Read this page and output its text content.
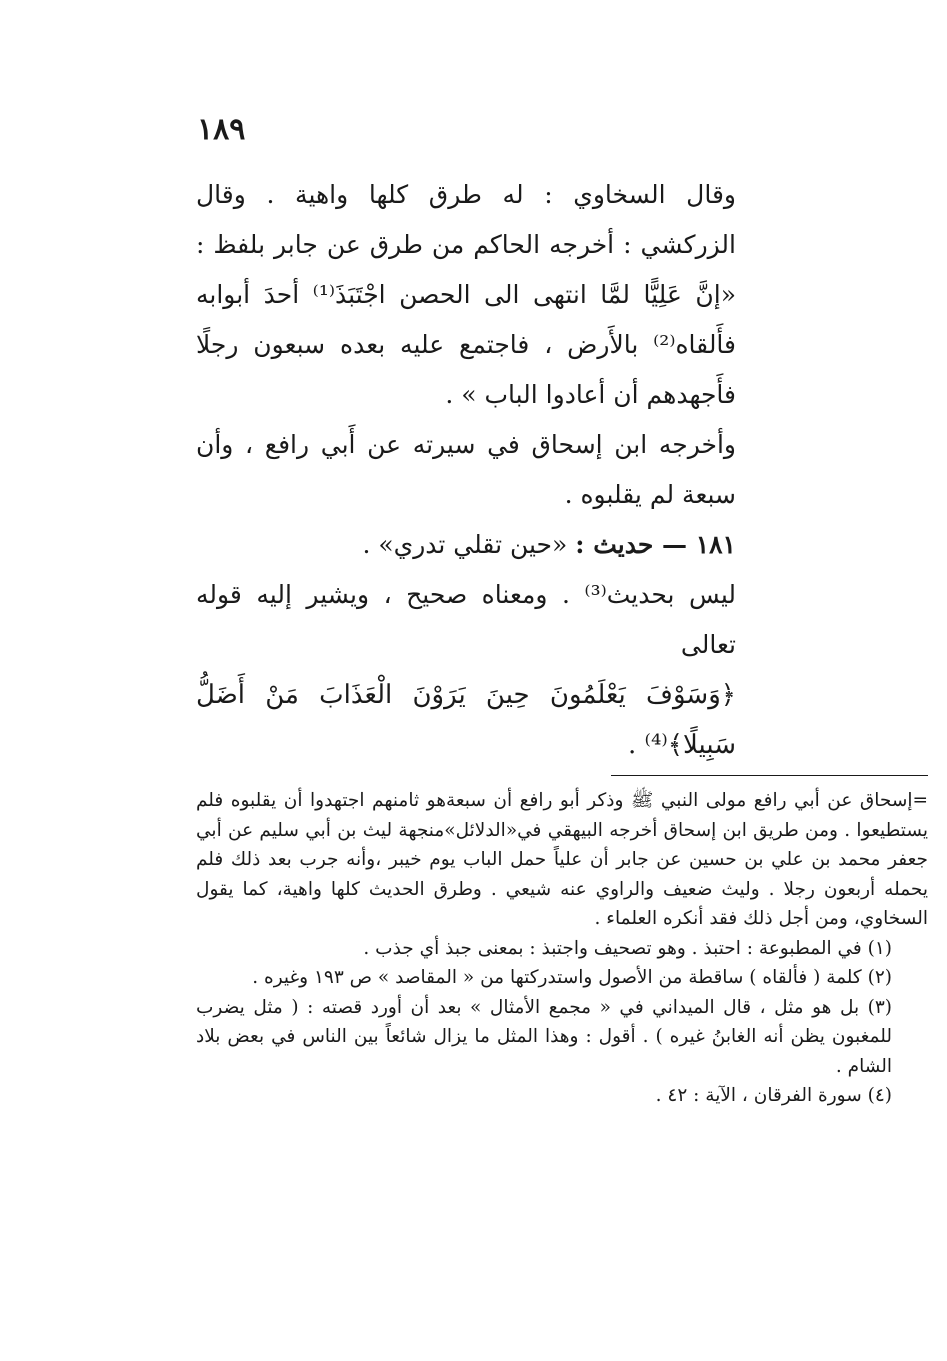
١٨٩

وقال السخاوي : له طرق كلها واهية . وقال الزركشي : أخرجه الحاكم من طرق عن جابر بلفظ : «إنَّ عَلِيًّا لمَّا انتهى الى الحصن اجْتَبَذَ⁽¹⁾ أحدَ أبوابه فأَلقاه⁽²⁾ بالأَرض ، فاجتمع عليه بعده سبعون رجلًا فأَجهدهم أن أعادوا الباب » .

وأخرجه ابن إسحاق في سيرته عن أَبي رافع ، وأن سبعة لم يقلبوه .

١٨١ — حديث : «حين تقلي تدري» .

ليس بحديث⁽³⁾ . ومعناه صحيح ، ويشير إليه قوله تعالى

﴿وَسَوْفَ يَعْلَمُونَ حِينَ يَرَوْنَ الْعَذَابَ مَنْ أَضَلُّ سَبِيلًا﴾⁽⁴⁾ .

=إسحاق عن أبي رافع مولى النبي ﷺ وذكر أبو رافع أن سبعةهو ثامنهم اجتهدوا أن يقلبوه فلم يستطيعوا . ومن طريق ابن إسحاق أخرجه البيهقي في«الدلائل»منجهة ليث بن أبي سليم عن أبي جعفر محمد بن علي بن حسين عن جابر أن علياً حمل الباب يوم خيبر ،وأنه جرب بعد ذلك فلم يحمله أربعون رجلا . وليث ضعيف والراوي عنه شيعي . وطرق الحديث كلها واهية، كما يقول السخاوي، ومن أجل ذلك فقد أنكره العلماء .

(١) في المطبوعة : احتبذ . وهو تصحيف واجتبذ : بمعنى جبذ أي جذب .

(٢) كلمة ( فألقاه ) ساقطة من الأصول واستدركتها من « المقاصد » ص ١٩٣ وغيره .

(٣) بل هو مثل ، قال الميداني في « مجمع الأمثال » بعد أن أورد قصته : ( مثل يضرب للمغبون يظن أنه الغابنُ غيره ) . أقول : وهذا المثل ما يزال شائعاً بين الناس في بعض بلاد الشام .

(٤) سورة الفرقان ، الآية : ٤٢ .
